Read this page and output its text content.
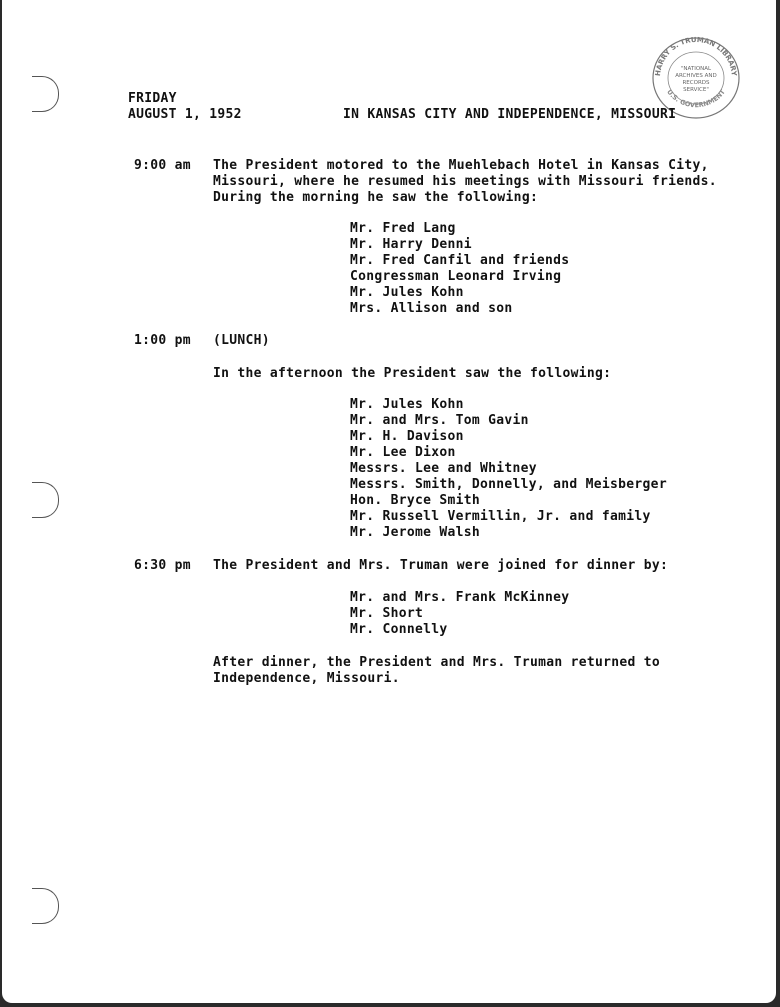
HARRY S. TRUMAN LIBRARY
U.S. GOVERNMENT
"NATIONAL
ARCHIVES AND
RECORDS
SERVICE"
FRIDAY
AUGUST 1, 1952	IN KANSAS CITY AND INDEPENDENCE, MISSOURI
9:00 am The President motored to the Muehlebach Hotel in Kansas City,
Missouri, where he resumed his meetings with Missouri friends.
During the morning he saw the following:
Mr. Fred Lang
Mr. Harry Denni
Mr. Fred Canfil and friends
Congressman Leonard Irving
Mr. Jules Kohn
Mrs. Allison and son
1:00 pm (LUNCH)
In the afternoon the President saw the following:
Mr. Jules Kohn
Mr. and Mrs. Tom Gavin
Mr. H. Davison
Mr. Lee Dixon
Messrs. Lee and Whitney
Messrs. Smith, Donnelly, and Meisberger
Hon. Bryce Smith
Mr. Russell Vermillin, Jr. and family
Mr. Jerome Walsh
6:30 pm The President and Mrs. Truman were joined for dinner by:
Mr. and Mrs. Frank McKinney
Mr. Short
Mr. Connelly
After dinner, the President and Mrs. Truman returned to
Independence, Missouri.
